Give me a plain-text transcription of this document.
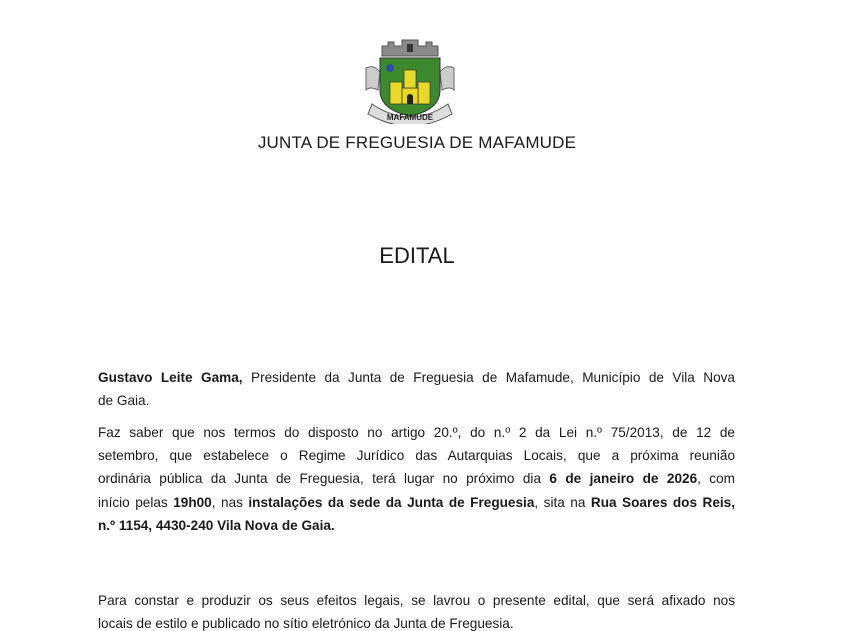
MAFAMUDE
JUNTA DE FREGUESIA DE MAFAMUDE
EDITAL
Gustavo Leite Gama, Presidente da Junta de Freguesia de Mafamude, Município de Vila Nova
de Gaia.
Faz saber que nos termos do disposto no artigo 20.º, do n.º 2 da Lei n.º 75/2013, de 12 de
setembro, que estabelece o Regime Jurídico das Autarquias Locais, que a próxima reunião
ordinária pública da Junta de Freguesia, terá lugar no próximo dia 6 de janeiro de 2026, com
início pelas 19h00, nas instalações da sede da Junta de Freguesia, sita na Rua Soares dos Reis,
n.º 1154, 4430-240 Vila Nova de Gaia.
Para constar e produzir os seus efeitos legais, se lavrou o presente edital, que será afixado nos
locais de estilo e publicado no sítio eletrónico da Junta de Freguesia.
